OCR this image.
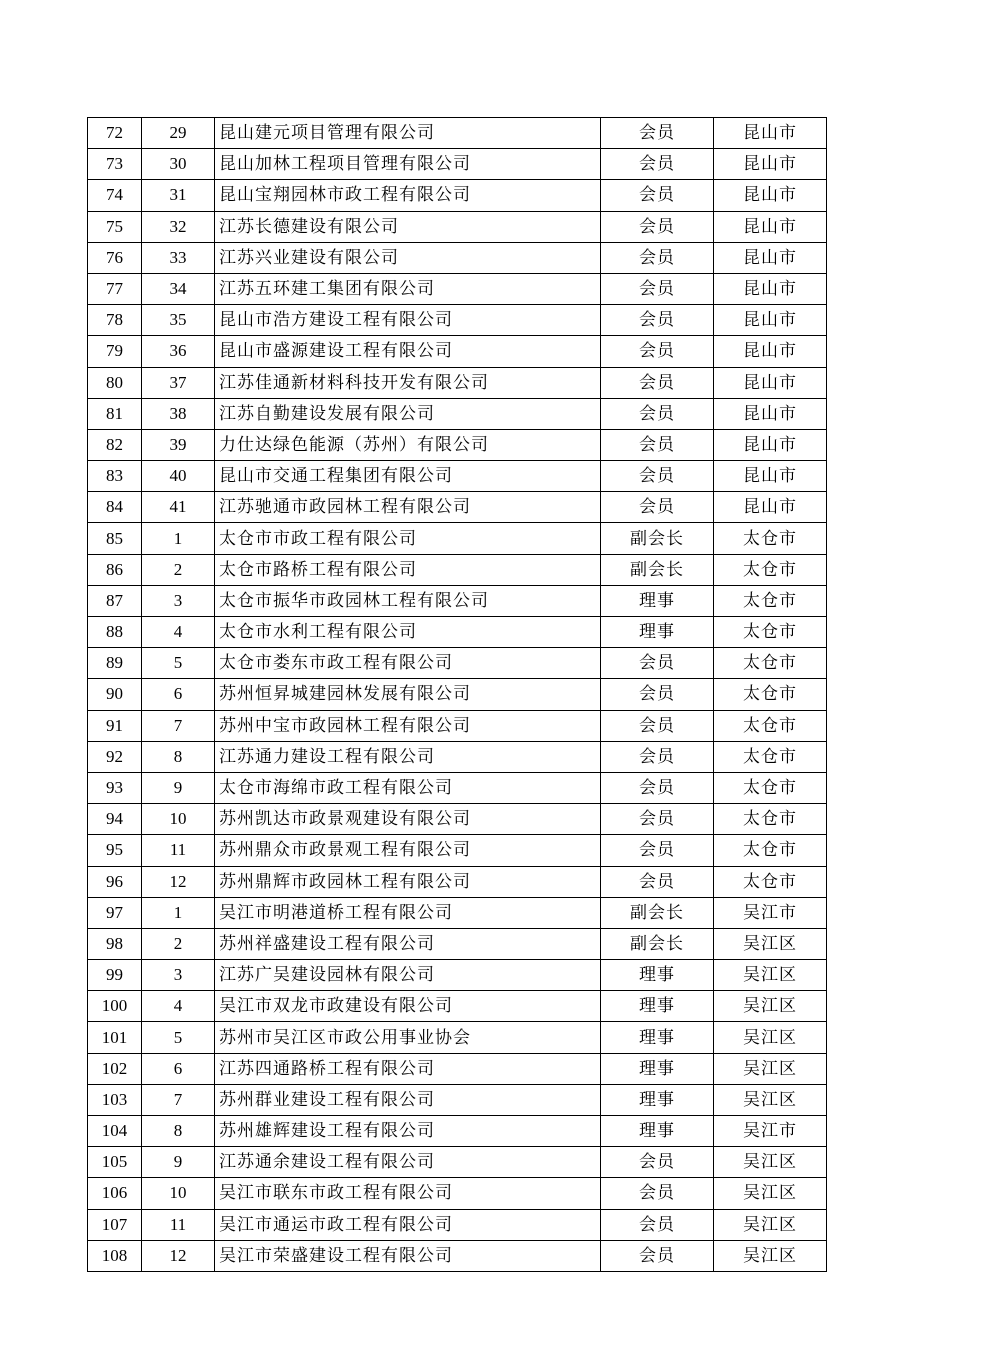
72	29	昆山建元项目管理有限公司	会员	昆山市
73	30	昆山加林工程项目管理有限公司	会员	昆山市
74	31	昆山宝翔园林市政工程有限公司	会员	昆山市
75	32	江苏长德建设有限公司	会员	昆山市
76	33	江苏兴业建设有限公司	会员	昆山市
77	34	江苏五环建工集团有限公司	会员	昆山市
78	35	昆山市浩方建设工程有限公司	会员	昆山市
79	36	昆山市盛源建设工程有限公司	会员	昆山市
80	37	江苏佳通新材料科技开发有限公司	会员	昆山市
81	38	江苏自勤建设发展有限公司	会员	昆山市
82	39	力仕达绿色能源（苏州）有限公司	会员	昆山市
83	40	昆山市交通工程集团有限公司	会员	昆山市
84	41	江苏驰通市政园林工程有限公司	会员	昆山市
85	1	太仓市市政工程有限公司	副会长	太仓市
86	2	太仓市路桥工程有限公司	副会长	太仓市
87	3	太仓市振华市政园林工程有限公司	理事	太仓市
88	4	太仓市水利工程有限公司	理事	太仓市
89	5	太仓市娄东市政工程有限公司	会员	太仓市
90	6	苏州恒昇城建园林发展有限公司	会员	太仓市
91	7	苏州中宝市政园林工程有限公司	会员	太仓市
92	8	江苏通力建设工程有限公司	会员	太仓市
93	9	太仓市海绵市政工程有限公司	会员	太仓市
94	10	苏州凯达市政景观建设有限公司	会员	太仓市
95	11	苏州鼎众市政景观工程有限公司	会员	太仓市
96	12	苏州鼎辉市政园林工程有限公司	会员	太仓市
97	1	吴江市明港道桥工程有限公司	副会长	吴江市
98	2	苏州祥盛建设工程有限公司	副会长	吴江区
99	3	江苏广吴建设园林有限公司	理事	吴江区
100	4	吴江市双龙市政建设有限公司	理事	吴江区
101	5	苏州市吴江区市政公用事业协会	理事	吴江区
102	6	江苏四通路桥工程有限公司	理事	吴江区
103	7	苏州群业建设工程有限公司	理事	吴江区
104	8	苏州雄辉建设工程有限公司	理事	吴江市
105	9	江苏通余建设工程有限公司	会员	吴江区
106	10	吴江市联东市政工程有限公司	会员	吴江区
107	11	吴江市通运市政工程有限公司	会员	吴江区
108	12	吴江市荣盛建设工程有限公司	会员	吴江区
